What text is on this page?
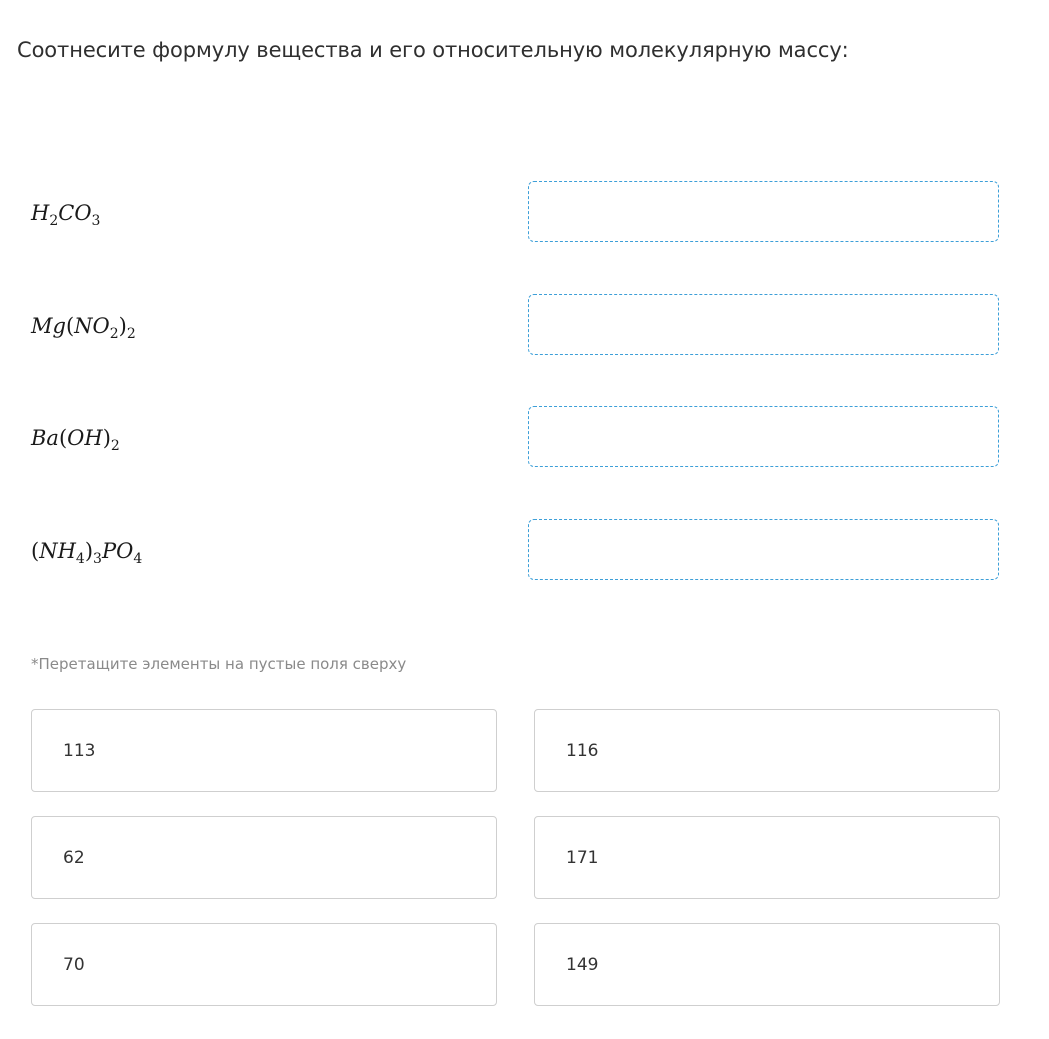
Соотнесите формулу вещества и его относительную молекулярную массу:

$H_2CO_3$
$Mg(NO_2)_2$
$Ba(OH)_2$
$(NH_4)_3PO_4$
*Перетащите элементы на пустые поля сверху
113	116
62	171
70	149
